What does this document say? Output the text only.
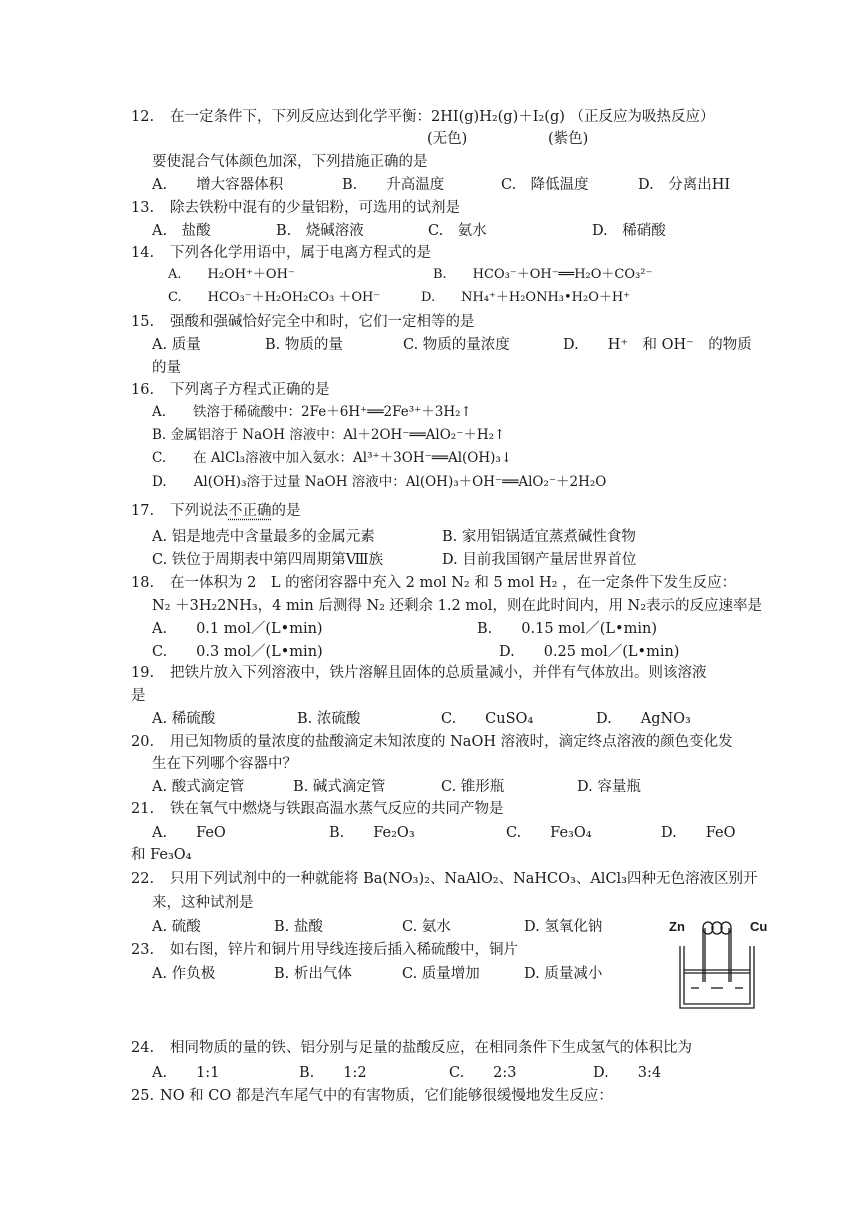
12. 在一定条件下，下列反应达到化学平衡：2HI(g)H₂(g)＋I₂(g) （正反应为吸热反应）
(无色)	(紫色)
要使混合气体颜色加深，下列措施正确的是
A.　　增大容器体积	B.　　升高温度	C.　降低温度	D.　分离出HI
13. 除去铁粉中混有的少量铝粉，可选用的试剂是
A.　盐酸	B.　烧碱溶液	C.　氨水	D.　稀硝酸
14. 下列各化学用语中，属于电离方程式的是
A.　　H₂OH⁺＋OH⁻	B.　　HCO₃⁻＋OH⁻══H₂O＋CO₃²⁻
C.　　HCO₃⁻＋H₂OH₂CO₃ ＋OH⁻	D.　　NH₄⁺＋H₂ONH₃•H₂O＋H⁺
15. 强酸和强碱恰好完全中和时，它们一定相等的是
A. 质量	B. 物质的量	C. 物质的量浓度	D.　　H⁺　和 OH⁻　的物质
的量
16. 下列离子方程式正确的是
A.　　铁溶于稀硫酸中：2Fe＋6H⁺══2Fe³⁺＋3H₂↑
B. 金属铝溶于 NaOH 溶液中：Al＋2OH⁻══AlO₂⁻＋H₂↑
C.　　在 AlCl₃溶液中加入氨水：Al³⁺＋3OH⁻══Al(OH)₃↓
D.　　Al(OH)₃溶于过量 NaOH 溶液中：Al(OH)₃＋OH⁻══AlO₂⁻＋2H₂O
17. 下列说法不正确的是
A. 铝是地壳中含量最多的金属元素	B. 家用铝锅适宜蒸煮碱性食物
C. 铁位于周期表中第四周期第Ⅷ族	D. 目前我国钢产量居世界首位
18. 在一体积为 2　L 的密闭容器中充入 2 mol N₂ 和 5 mol H₂ ，在一定条件下发生反应：
N₂ ＋3H₂2NH₃，4 min 后测得 N₂ 还剩余 1.2 mol，则在此时间内，用 N₂表示的反应速率是
A.　　0.1 mol／(L•min)	B.　　0.15 mol／(L•min)
C.　　0.3 mol／(L•min)	D.　　0.25 mol／(L•min)
19. 把铁片放入下列溶液中，铁片溶解且固体的总质量减小，并伴有气体放出。则该溶液
是
A. 稀硫酸	B. 浓硫酸	C.　　CuSO₄	D.　　AgNO₃
20. 用已知物质的量浓度的盐酸滴定未知浓度的 NaOH 溶液时，滴定终点溶液的颜色变化发
生在下列哪个容器中？
A. 酸式滴定管	B. 碱式滴定管	C. 锥形瓶	D. 容量瓶
21. 铁在氧气中燃烧与铁跟高温水蒸气反应的共同产物是
A.　　FeO	B.　　Fe₂O₃	C.　　Fe₃O₄	D.　　FeO
和 Fe₃O₄
22. 只用下列试剂中的一种就能将 Ba(NO₃)₂、NaAlO₂、NaHCO₃、AlCl₃四种无色溶液区别开
来，这种试剂是
A. 硫酸	B. 盐酸	C. 氨水	D. 氢氧化钠
23. 如右图，锌片和铜片用导线连接后插入稀硫酸中，铜片
A. 作负极	B. 析出气体	C. 质量增加	D. 质量减小
Zn	Cu
24. 相同物质的量的铁、铝分别与足量的盐酸反应，在相同条件下生成氢气的体积比为
A.　　1:1	B.　　1:2	C.　　2:3	D.　　3:4
25. NO 和 CO 都是汽车尾气中的有害物质，它们能够很缓慢地发生反应：
